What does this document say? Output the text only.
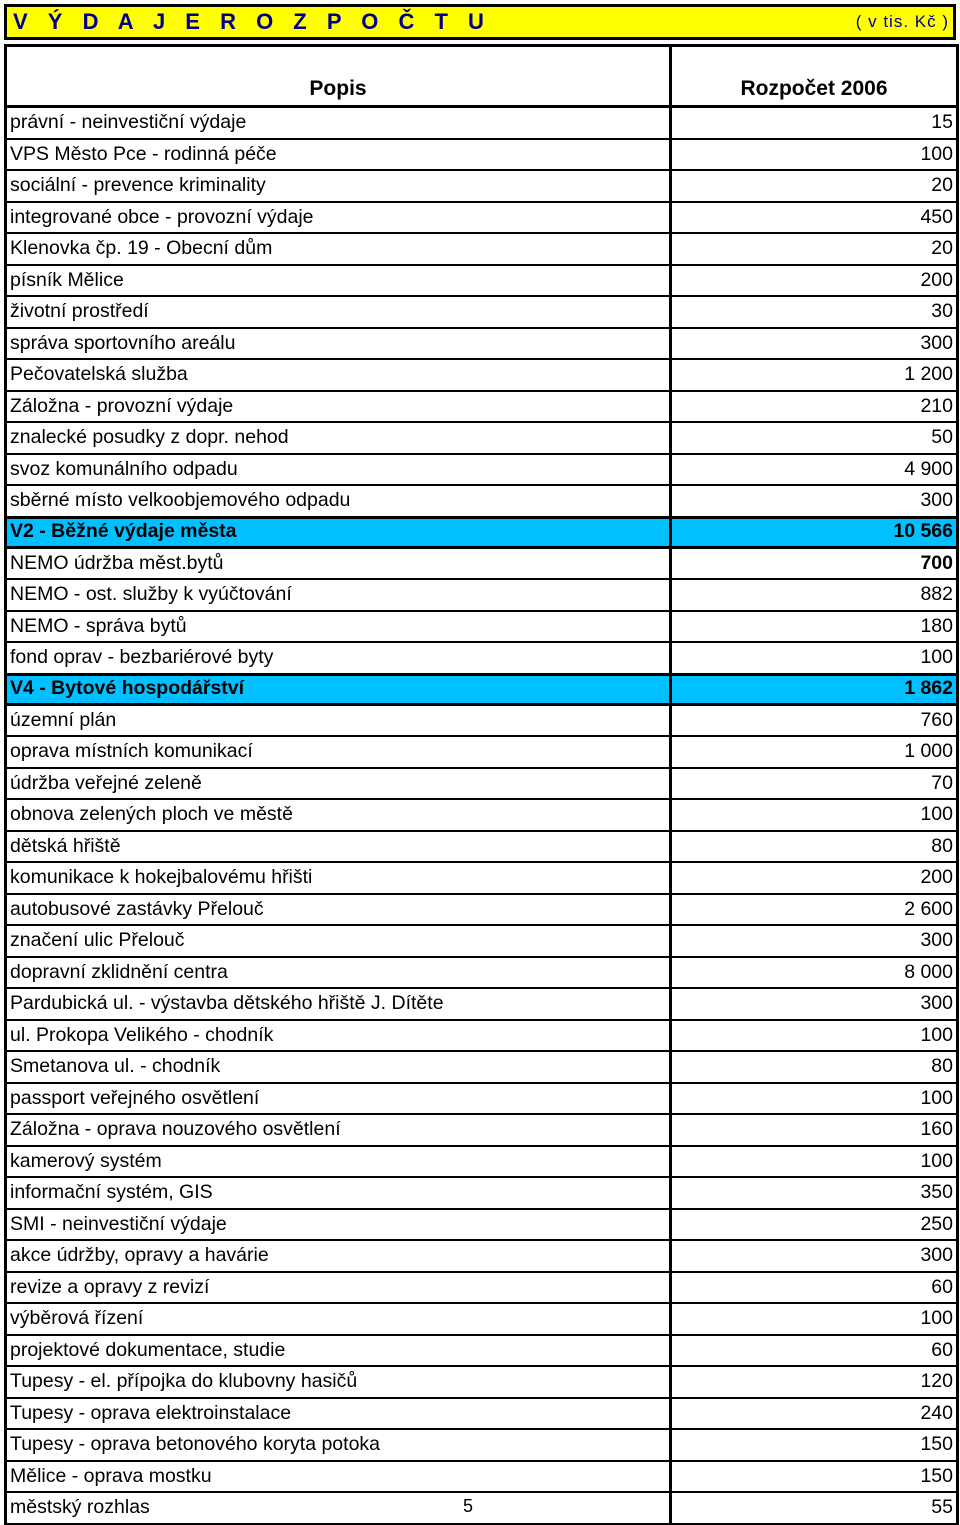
V Ý D A J E R O Z P O Č T U	( v tis. Kč )
Popis	Rozpočet 2006
právní - neinvestiční výdaje	15
VPS Město Pce - rodinná péče	100
sociální - prevence kriminality	20
integrované obce - provozní výdaje	450
Klenovka čp. 19 - Obecní dům	20
písník Mělice	200
životní prostředí	30
správa sportovního areálu	300
Pečovatelská služba	1 200
Záložna - provozní výdaje	210
znalecké posudky z dopr. nehod	50
svoz komunálního odpadu	4 900
sběrné místo velkoobjemového odpadu	300
V2 - Běžné výdaje města	10 566
NEMO údržba měst.bytů	700
NEMO - ost. služby k vyúčtování	882
NEMO - správa bytů	180
fond oprav - bezbariérové byty	100
V4 - Bytové hospodářství	1 862
územní plán	760
oprava místních komunikací	1 000
údržba veřejné zeleně	70
obnova zelených ploch ve městě	100
dětská hřiště	80
komunikace k hokejbalovému hřišti	200
autobusové zastávky Přelouč	2 600
značení ulic Přelouč	300
dopravní zklidnění centra	8 000
Pardubická ul. - výstavba dětského hřiště J. Dítěte	300
ul. Prokopa Velikého - chodník	100
Smetanova ul. - chodník	80
passport veřejného osvětlení	100
Záložna - oprava nouzového osvětlení	160
kamerový systém	100
informační systém, GIS	350
SMI - neinvestiční výdaje	250
akce údržby, opravy a havárie	300
revize a opravy z revizí	60
výběrová řízení	100
projektové dokumentace, studie	60
Tupesy - el. přípojka do klubovny hasičů	120
Tupesy - oprava elektroinstalace	240
Tupesy - oprava betonového koryta potoka	150
Mělice - oprava mostku	150
městský rozhlas	55
5
